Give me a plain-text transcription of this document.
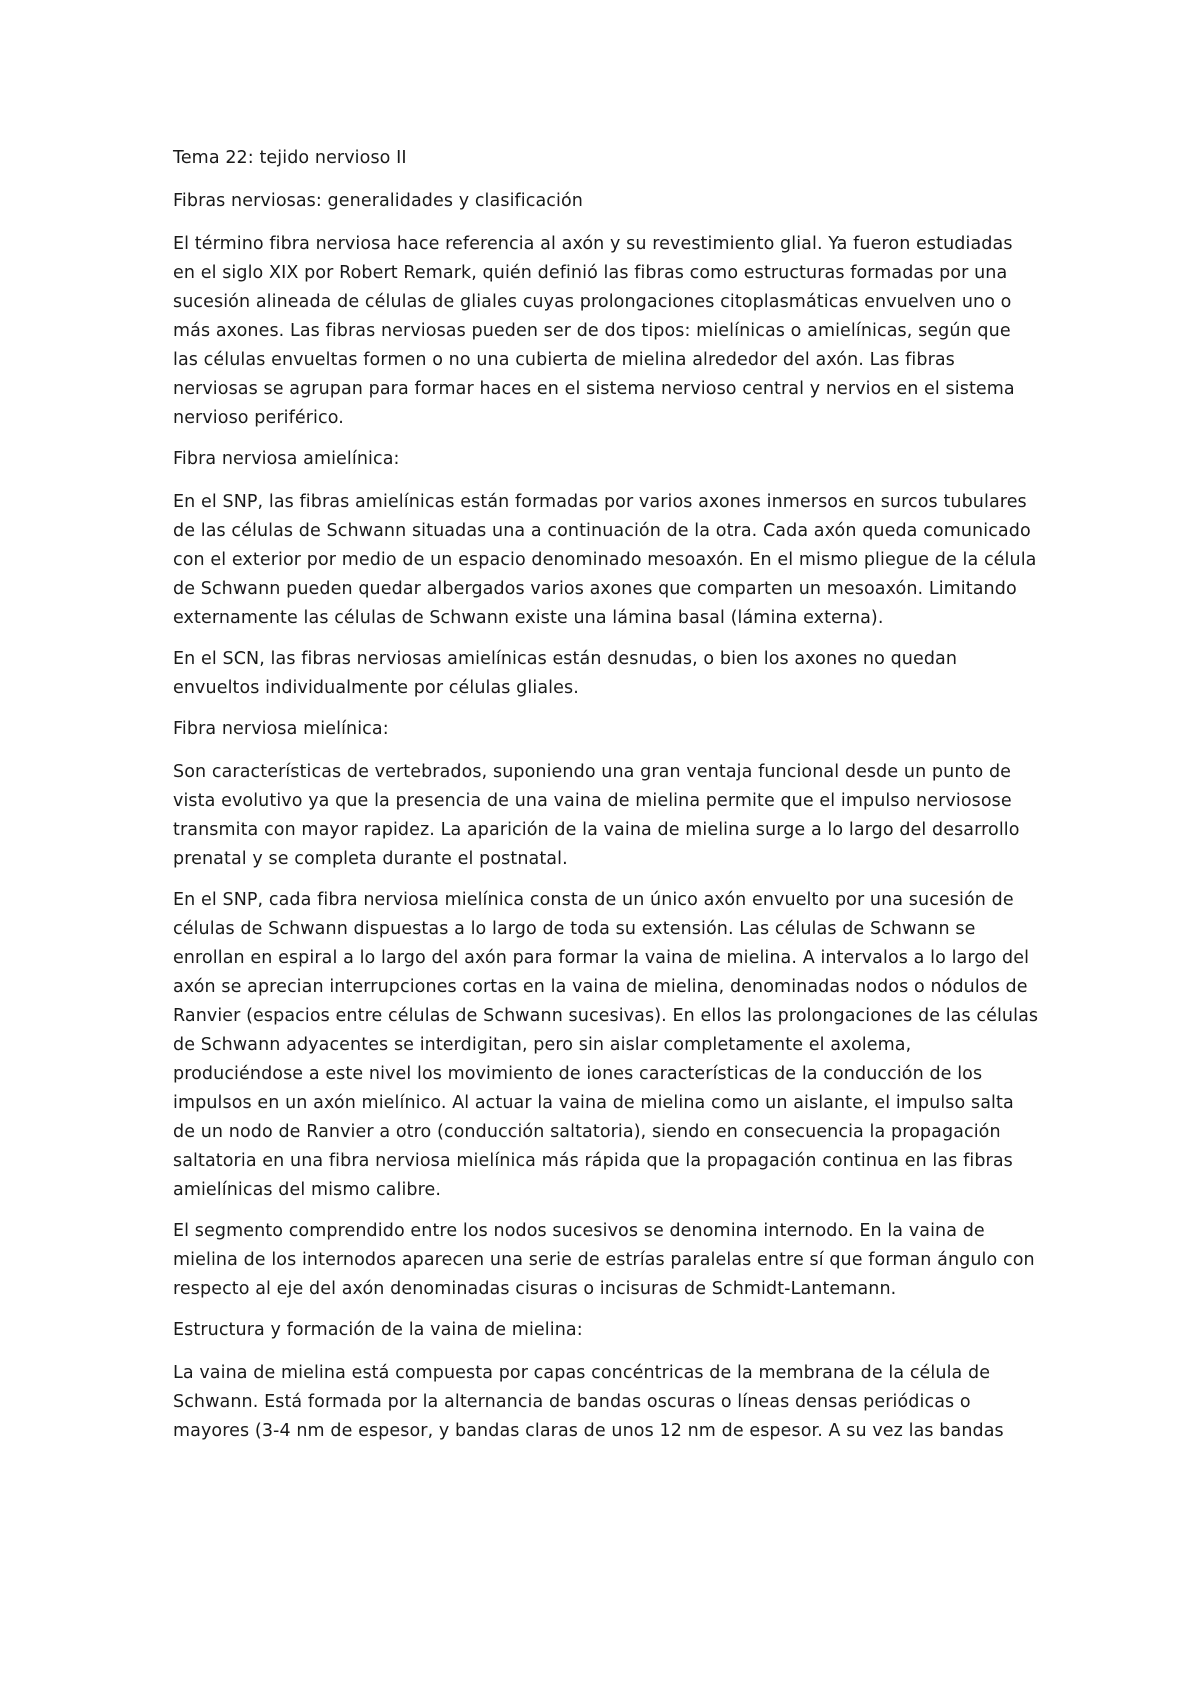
Tema 22: tejido nervioso II

Fibras nerviosas: generalidades y clasificación

El término fibra nerviosa hace referencia al axón y su revestimiento glial. Ya fueron estudiadas en el siglo XIX por Robert Remark, quién definió las fibras como estructuras formadas por una sucesión alineada de células de gliales cuyas prolongaciones citoplasmáticas envuelven uno o más axones. Las fibras nerviosas pueden ser de dos tipos: mielínicas o amielínicas, según que las células envueltas formen o no una cubierta de mielina alrededor del axón. Las fibras nerviosas se agrupan para formar haces en el sistema nervioso central y nervios en el sistema nervioso periférico.

Fibra nerviosa amielínica:

En el SNP, las fibras amielínicas están formadas por varios axones inmersos en surcos tubulares de las células de Schwann situadas una a continuación de la otra. Cada axón queda comunicado con el exterior por medio de un espacio denominado mesoaxón. En el mismo pliegue de la célula de Schwann pueden quedar albergados varios axones que comparten un mesoaxón. Limitando externamente las células de Schwann existe una lámina basal (lámina externa).

En el SCN, las fibras nerviosas amielínicas están desnudas, o bien los axones no quedan envueltos individualmente por células gliales.

Fibra nerviosa mielínica:

Son características de vertebrados, suponiendo una gran ventaja funcional desde un punto de vista evolutivo ya que la presencia de una vaina de mielina permite que el impulso nerviosose transmita con mayor rapidez. La aparición de la vaina de mielina surge a lo largo del desarrollo prenatal y se completa durante el postnatal.

En el SNP, cada fibra nerviosa mielínica consta de un único axón envuelto por una sucesión de células de Schwann dispuestas a lo largo de toda su extensión. Las células de Schwann se enrollan en espiral a lo largo del axón para formar la vaina de mielina. A intervalos a lo largo del axón se aprecian interrupciones cortas en la vaina de mielina, denominadas nodos o nódulos de Ranvier (espacios entre células de Schwann sucesivas). En ellos las prolongaciones de las células de Schwann adyacentes se interdigitan, pero sin aislar completamente el axolema, produciéndose a este nivel los movimiento de iones características de la conducción de los impulsos en un axón mielínico. Al actuar la vaina de mielina como un aislante, el impulso salta de un nodo de Ranvier a otro (conducción saltatoria), siendo en consecuencia la propagación saltatoria en una fibra nerviosa mielínica más rápida que la propagación continua en las fibras amielínicas del mismo calibre.

El segmento comprendido entre los nodos sucesivos se denomina internodo. En la vaina de mielina de los internodos aparecen una serie de estrías paralelas entre sí que forman ángulo con respecto al eje del axón denominadas cisuras o incisuras de Schmidt-Lantemann.

Estructura y formación de la vaina de mielina:

La vaina de mielina está compuesta por capas concéntricas de la membrana de la célula de Schwann. Está formada por la alternancia de bandas oscuras o líneas densas periódicas o mayores (3-4 nm de espesor, y bandas claras de unos 12 nm de espesor. A su vez las bandas
